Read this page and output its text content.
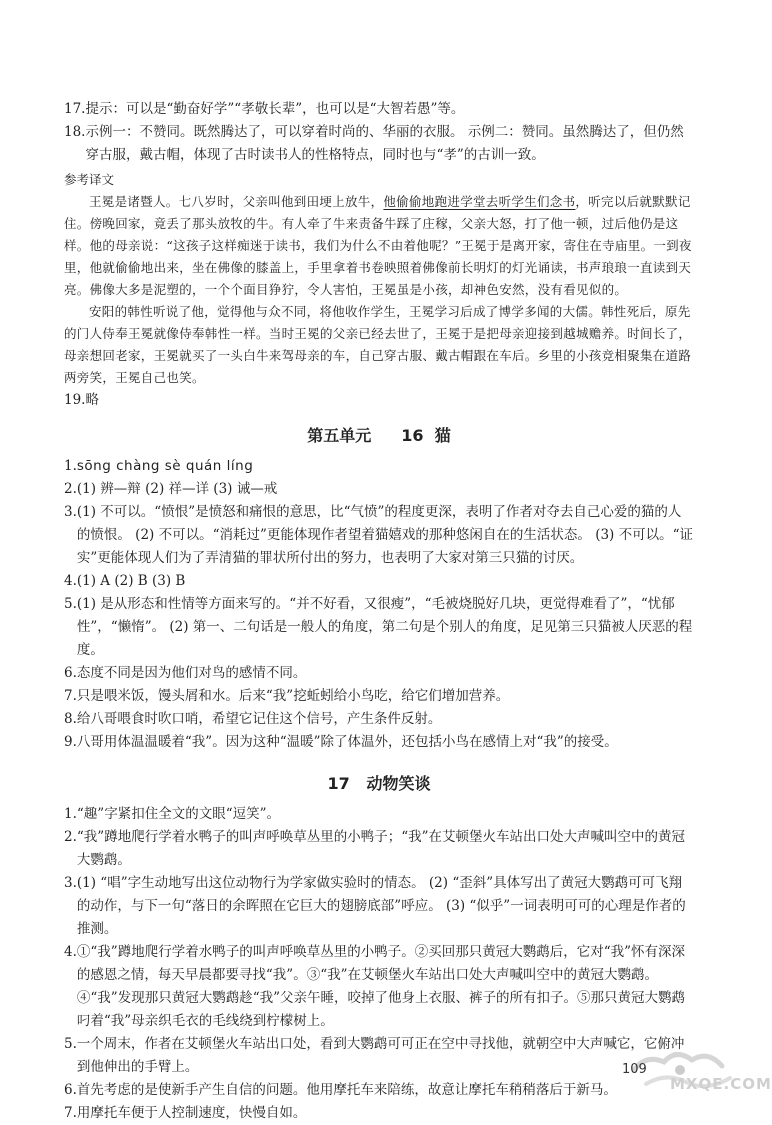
17. 提示：可以是“勤奋好学”“孝敬长辈”，也可以是“大智若愚”等。
18. 示例一：不赞同。既然腾达了，可以穿着时尚的、华丽的衣服。 示例二：赞同。虽然腾达了，但仍然穿古服，戴古帽，体现了古时读书人的性格特点，同时也与“孝”的古训一致。
参考译文
王冕是诸暨人。七八岁时，父亲叫他到田埂上放牛，他偷偷地跑进学堂去听学生们念书，听完以后就默默记住。傍晚回家，竟丢了那头放牧的牛。有人牵了牛来责备牛踩了庄稼，父亲大怒，打了他一顿，过后他仍是这样。他的母亲说：“这孩子这样痴迷于读书，我们为什么不由着他呢？”王冕于是离开家，寄住在寺庙里。一到夜里，他就偷偷地出来，坐在佛像的膝盖上，手里拿着书卷映照着佛像前长明灯的灯光诵读，书声琅琅一直读到天亮。佛像大多是泥塑的，一个个面目狰狞，令人害怕，王冕虽是小孩，却神色安然，没有看见似的。
安阳的韩性听说了他，觉得他与众不同，将他收作学生，王冕学习后成了博学多闻的大儒。韩性死后，原先的门人侍奉王冕就像侍奉韩性一样。当时王冕的父亲已经去世了，王冕于是把母亲迎接到越城赡养。时间长了，母亲想回老家，王冕就买了一头白牛来驾母亲的车，自己穿古服、戴古帽跟在车后。乡里的小孩竞相聚集在道路两旁笑，王冕自己也笑。
19. 略
第五单元 16 猫
1. sōng chàng sè quán líng
2. (1) 辨—辩 (2) 祥—详 (3) 诫—戒
3. (1) 不可以。“愤恨”是愤怒和痛恨的意思，比“气愤”的程度更深，表明了作者对夺去自己心爱的猫的人的愤恨。 (2) 不可以。“消耗过”更能体现作者望着猫嬉戏的那种悠闲自在的生活状态。 (3) 不可以。“证实”更能体现人们为了弄清猫的罪状所付出的努力，也表明了大家对第三只猫的讨厌。
4. (1) A (2) B (3) B
5. (1) 是从形态和性情等方面来写的。“并不好看，又很瘦”，“毛被烧脱好几块，更觉得难看了”，“忧郁性”，“懒惰”。 (2) 第一、二句话是一般人的角度，第二句是个别人的角度，足见第三只猫被人厌恶的程度。
6. 态度不同是因为他们对鸟的感情不同。
7. 只是喂米饭，馒头屑和水。后来“我”挖蚯蚓给小鸟吃，给它们增加营养。
8. 给八哥喂食时吹口哨，希望它记住这个信号，产生条件反射。
9. 八哥用体温温暖着“我”。因为这种“温暖”除了体温外，还包括小鸟在感情上对“我”的接受。
17 动物笑谈
1. “趣”字紧扣住全文的文眼“逗笑”。
2. “我”蹲地爬行学着水鸭子的叫声呼唤草丛里的小鸭子；“我”在艾顿堡火车站出口处大声喊叫空中的黄冠大鹦鹉。
3. (1) “唱”字生动地写出这位动物行为学家做实验时的情态。 (2) “歪斜”具体写出了黄冠大鹦鹉可可飞翔的动作，与下一句“落日的余晖照在它巨大的翅膀底部”呼应。 (3) “似乎”一词表明可可的心理是作者的推测。
4. ①“我”蹲地爬行学着水鸭子的叫声呼唤草丛里的小鸭子。②买回那只黄冠大鹦鹉后，它对“我”怀有深深的感恩之情，每天早晨都要寻找“我”。③“我”在艾顿堡火车站出口处大声喊叫空中的黄冠大鹦鹉。④“我”发现那只黄冠大鹦鹉趁“我”父亲午睡，咬掉了他身上衣服、裤子的所有扣子。⑤那只黄冠大鹦鹉叼着“我”母亲织毛衣的毛线绕到柠檬树上。
5. 一个周末，作者在艾顿堡火车站出口处，看到大鹦鹉可可正在空中寻找他，就朝空中大声喊它，它俯冲到他伸出的手臂上。
6. 首先考虑的是使新手产生自信的问题。他用摩托车来陪练，故意让摩托车稍稍落后于新马。
7. 用摩托车便于人控制速度，快慢自如。
109
MXQE.COM
